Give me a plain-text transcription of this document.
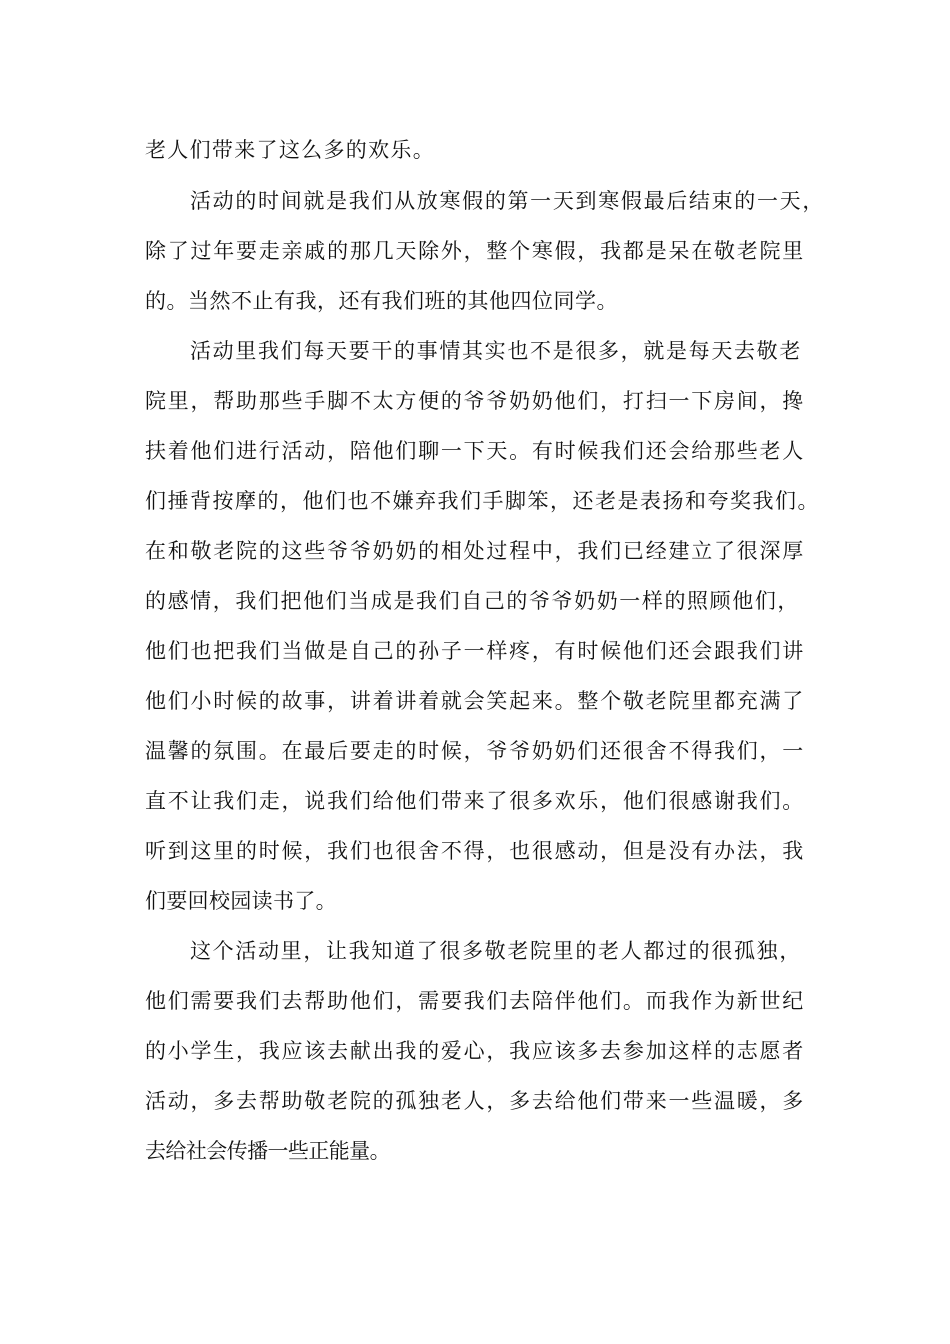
老人们带来了这么多的欢乐。
活动的时间就是我们从放寒假的第一天到寒假最后结束的一天，
除了过年要走亲戚的那几天除外，整个寒假，我都是呆在敬老院里
的。当然不止有我，还有我们班的其他四位同学。
活动里我们每天要干的事情其实也不是很多，就是每天去敬老
院里，帮助那些手脚不太方便的爷爷奶奶他们，打扫一下房间，搀
扶着他们进行活动，陪他们聊一下天。有时候我们还会给那些老人
们捶背按摩的，他们也不嫌弃我们手脚笨，还老是表扬和夸奖我们。
在和敬老院的这些爷爷奶奶的相处过程中，我们已经建立了很深厚
的感情，我们把他们当成是我们自己的爷爷奶奶一样的照顾他们，
他们也把我们当做是自己的孙子一样疼，有时候他们还会跟我们讲
他们小时候的故事，讲着讲着就会笑起来。整个敬老院里都充满了
温馨的氛围。在最后要走的时候，爷爷奶奶们还很舍不得我们，一
直不让我们走，说我们给他们带来了很多欢乐，他们很感谢我们。
听到这里的时候，我们也很舍不得，也很感动，但是没有办法，我
们要回校园读书了。
这个活动里，让我知道了很多敬老院里的老人都过的很孤独，
他们需要我们去帮助他们，需要我们去陪伴他们。而我作为新世纪
的小学生，我应该去献出我的爱心，我应该多去参加这样的志愿者
活动，多去帮助敬老院的孤独老人，多去给他们带来一些温暖，多
去给社会传播一些正能量。
